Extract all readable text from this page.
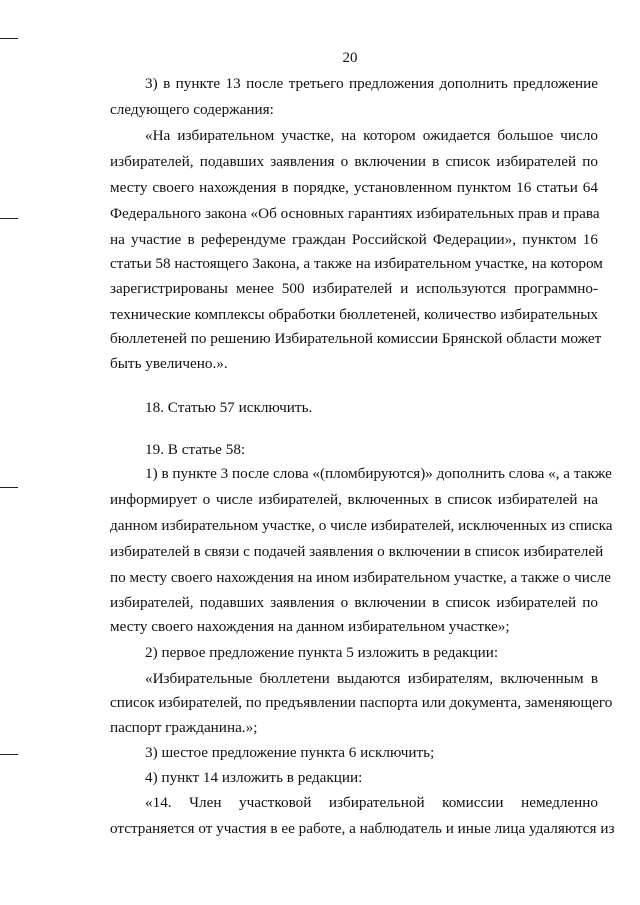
20
3) в пункте 13 после третьего предложения дополнить предложение
следующего содержания:
«На избирательном участке, на котором ожидается большое число
избирателей, подавших заявления о включении в список избирателей по
месту своего нахождения в порядке, установленном пунктом 16 статьи 64
Федерального закона «Об основных гарантиях избирательных прав и права
на участие в референдуме граждан Российской Федерации», пунктом 16
статьи 58 настоящего Закона, а также на избирательном участке, на котором
зарегистрированы менее 500 избирателей и используются программно-
технические комплексы обработки бюллетеней, количество избирательных
бюллетеней по решению Избирательной комиссии Брянской области может
быть увеличено.».
18. Статью 57 исключить.
19. В статье 58:
1) в пункте 3 после слова «(пломбируются)» дополнить слова «, а также
информирует о числе избирателей, включенных в список избирателей на
данном избирательном участке, о числе избирателей, исключенных из списка
избирателей в связи с подачей заявления о включении в список избирателей
по месту своего нахождения на ином избирательном участке, а также о числе
избирателей, подавших заявления о включении в список избирателей по
месту своего нахождения на данном избирательном участке»;
2) первое предложение пункта 5 изложить в редакции:
«Избирательные бюллетени выдаются избирателям, включенным в
список избирателей, по предъявлении паспорта или документа, заменяющего
паспорт гражданина.»;
3) шестое предложение пункта 6 исключить;
4) пункт 14 изложить в редакции:
«14. Член участковой избирательной комиссии немедленно
отстраняется от участия в ее работе, а наблюдатель и иные лица удаляются из
